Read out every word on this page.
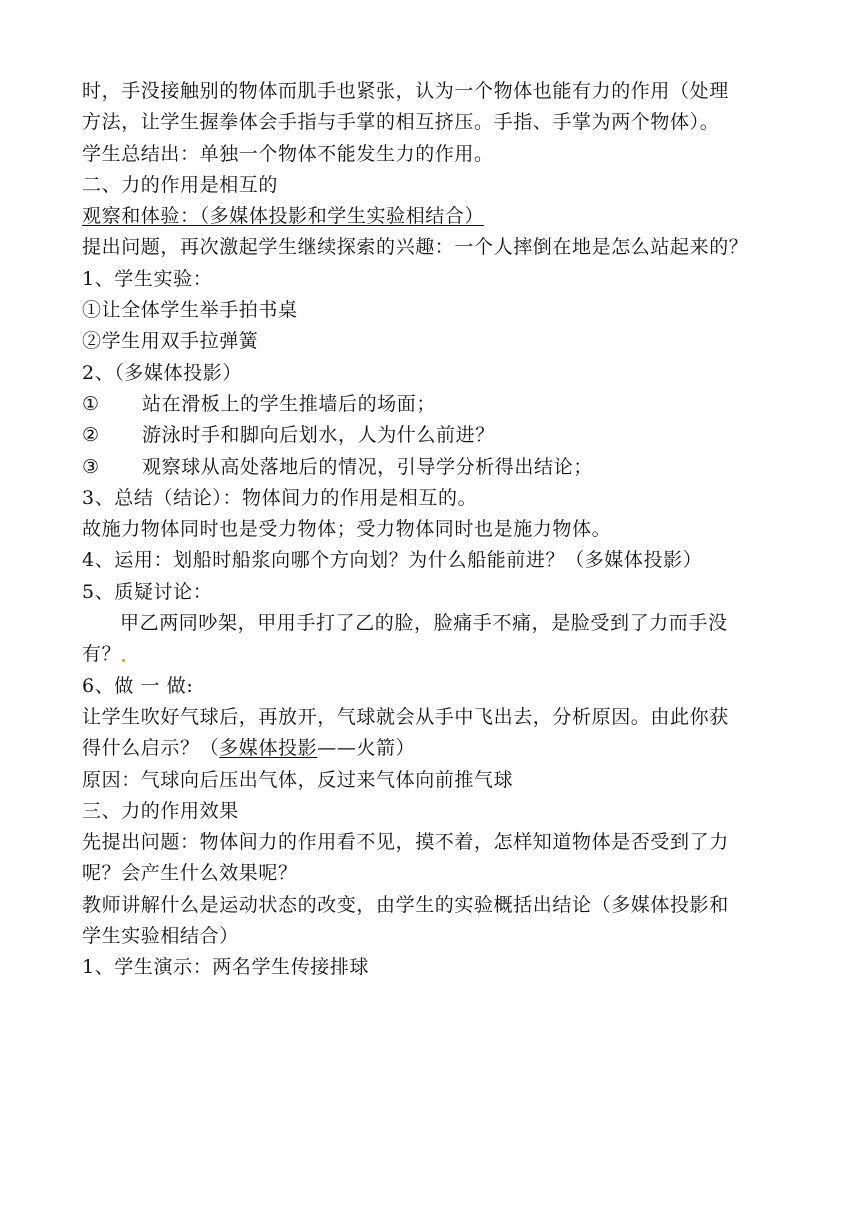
时，手没接触别的物体而肌手也紧张，认为一个物体也能有力的作用（处理
方法，让学生握拳体会手指与手掌的相互挤压。手指、手掌为两个物体）。
学生总结出：单独一个物体不能发生力的作用。
二、力的作用是相互的
观察和体验：（多媒体投影和学生实验相结合）
提出问题，再次激起学生继续探索的兴趣：一个人摔倒在地是怎么站起来的？
1、学生实验：
①让全体学生举手拍书桌
②学生用双手拉弹簧
2、（多媒体投影）
① 站在滑板上的学生推墙后的场面；
② 游泳时手和脚向后划水，人为什么前进？
③ 观察球从高处落地后的情况，引导学分析得出结论；
3、总结（结论）：物体间力的作用是相互的。
故施力物体同时也是受力物体；受力物体同时也是施力物体。
4、运用：划船时船浆向哪个方向划？为什么船能前进？（多媒体投影）
5、质疑讨论：
甲乙两同吵架，甲用手打了乙的脸，脸痛手不痛，是脸受到了力而手没
有？
6、做 一 做:
让学生吹好气球后，再放开，气球就会从手中飞出去，分析原因。由此你获
得什么启示？（多媒体投影——火箭）
原因：气球向后压出气体，反过来气体向前推气球
三、力的作用效果
先提出问题：物体间力的作用看不见，摸不着，怎样知道物体是否受到了力
呢？会产生什么效果呢？
教师讲解什么是运动状态的改变，由学生的实验概括出结论（多媒体投影和
学生实验相结合）
1、学生演示：两名学生传接排球
